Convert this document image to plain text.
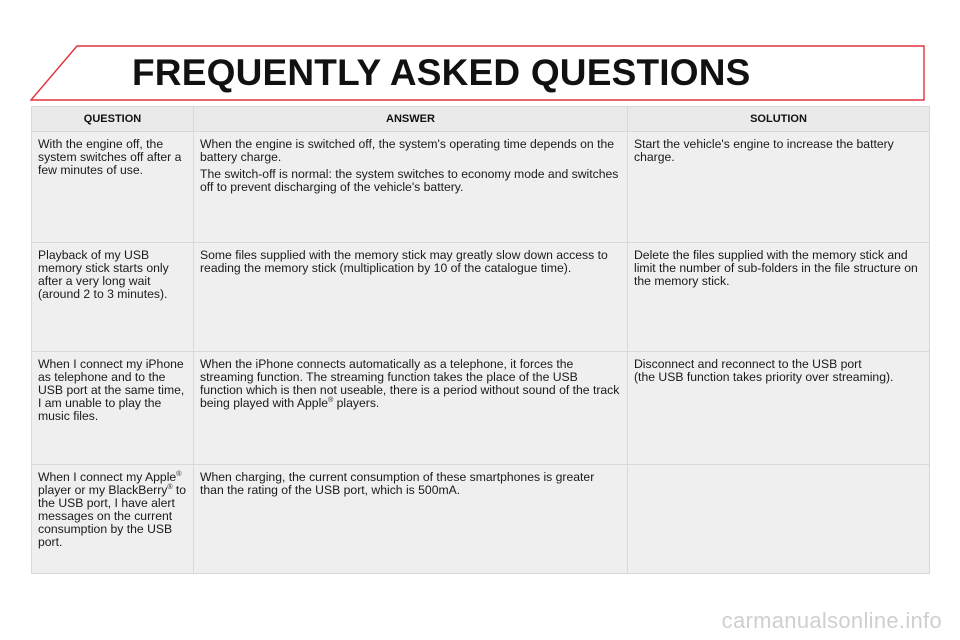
FREQUENTLY ASKED QUESTIONS
QUESTION	ANSWER	SOLUTION

With the engine off, the system switches off after a few minutes of use.	When the engine is switched off, the system's operating time depends on the battery charge.
The switch-off is normal: the system switches to economy mode and switches off to prevent discharging of the vehicle's battery.	Start the vehicle's engine to increase the battery charge.

Playback of my USB memory stick starts only after a very long wait (around 2 to 3 minutes).	Some files supplied with the memory stick may greatly slow down access to reading the memory stick (multiplication by 10 of the catalogue time).	Delete the files supplied with the memory stick and limit the number of sub-folders in the file structure on the memory stick.

When I connect my iPhone as telephone and to the USB port at the same time, I am unable to play the music files.	When the iPhone connects automatically as a telephone, it forces the streaming function. The streaming function takes the place of the USB function which is then not useable, there is a period without sound of the track being played with Apple® players.	Disconnect and reconnect to the USB port
(the USB function takes priority over streaming).

When I connect my Apple® player or my BlackBerry® to the USB port, I have alert messages on the current consumption by the USB port.	When charging, the current consumption of these smartphones is greater than the rating of the USB port, which is 500mA.	

carmanualsonline.info
